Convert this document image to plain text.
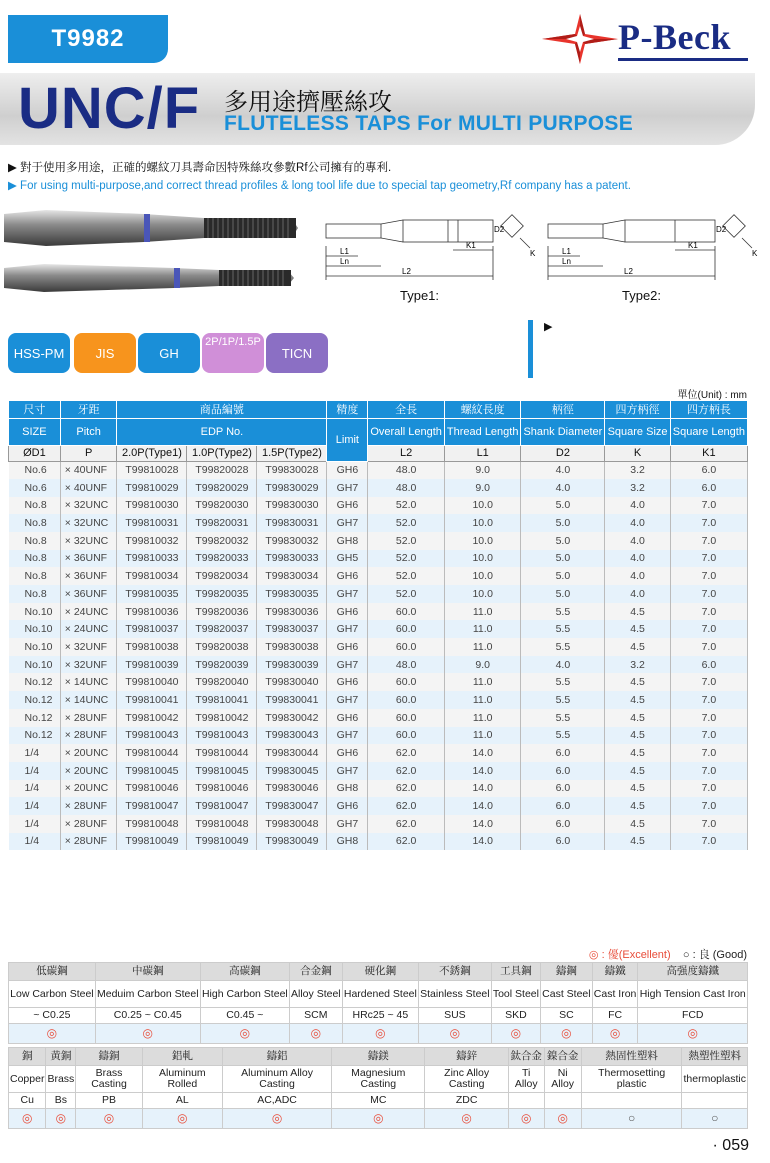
T9982	P-Beck
UNC/F 多用途擠壓絲攻
FLUTELESS TAPS For MULTI PURPOSE
▶ 對于使用多用途，正確的螺紋刀具壽命因特殊絲攻參數Rf公司擁有的專利.
▶ For using multi-purpose,and correct thread profiles & long tool life due to special tap geometry,Rf company has a patent.
L1
Ln
L2
K1
D2
K
Type1:
L1
Ln
L2
K1
D2
K
Type2:
HSS-PM	JIS	GH
2P/1P/1.5P
TICN
▶
單位(Unit) : mm
尺寸	牙距	商品編號			精度	全長	螺紋長度	柄徑	四方柄徑	四方柄長
SIZE	Pitch	EDP No.			Limit	Overall Length	Thread Length	Shank Diameter	Square Size	Square Length
ØD1	P	2.0P(Type1)	1.0P(Type2)	1.5P(Type2)		L2	L1	D2	K	K1
No.6	× 40UNF	T99810028	T99820028	T99830028	GH6	48.0	9.0	4.0	3.2	6.0
No.6	× 40UNF	T99810029	T99820029	T99830029	GH7	48.0	9.0	4.0	3.2	6.0
No.8	× 32UNC	T99810030	T99820030	T99830030	GH6	52.0	10.0	5.0	4.0	7.0
No.8	× 32UNC	T99810031	T99820031	T99830031	GH7	52.0	10.0	5.0	4.0	7.0
No.8	× 32UNC	T99810032	T99820032	T99830032	GH8	52.0	10.0	5.0	4.0	7.0
No.8	× 36UNF	T99810033	T99820033	T99830033	GH5	52.0	10.0	5.0	4.0	7.0
No.8	× 36UNF	T99810034	T99820034	T99830034	GH6	52.0	10.0	5.0	4.0	7.0
No.8	× 36UNF	T99810035	T99820035	T99830035	GH7	52.0	10.0	5.0	4.0	7.0
No.10	× 24UNC	T99810036	T99820036	T99830036	GH6	60.0	11.0	5.5	4.5	7.0
No.10	× 24UNC	T99810037	T99820037	T99830037	GH7	60.0	11.0	5.5	4.5	7.0
No.10	× 32UNF	T99810038	T99820038	T99830038	GH6	60.0	11.0	5.5	4.5	7.0
No.10	× 32UNF	T99810039	T99820039	T99830039	GH7	48.0	9.0	4.0	3.2	6.0
No.12	× 14UNC	T99810040	T99820040	T99830040	GH6	60.0	11.0	5.5	4.5	7.0
No.12	× 14UNC	T99810041	T99810041	T99830041	GH7	60.0	11.0	5.5	4.5	7.0
No.12	× 28UNF	T99810042	T99810042	T99830042	GH6	60.0	11.0	5.5	4.5	7.0
No.12	× 28UNF	T99810043	T99810043	T99830043	GH7	60.0	11.0	5.5	4.5	7.0
1/4	× 20UNC	T99810044	T99810044	T99830044	GH6	62.0	14.0	6.0	4.5	7.0
1/4	× 20UNC	T99810045	T99810045	T99830045	GH7	62.0	14.0	6.0	4.5	7.0
1/4	× 20UNC	T99810046	T99810046	T99830046	GH8	62.0	14.0	6.0	4.5	7.0
1/4	× 28UNF	T99810047	T99810047	T99830047	GH6	62.0	14.0	6.0	4.5	7.0
1/4	× 28UNF	T99810048	T99810048	T99830048	GH7	62.0	14.0	6.0	4.5	7.0
1/4	× 28UNF	T99810049	T99810049	T99830049	GH8	62.0	14.0	6.0	4.5	7.0
◎ : 優(Excellent) ○ : 良 (Good)
低碳鋼	中碳鋼	高碳鋼	合金鋼	硬化鋼	不銹鋼	工具鋼	鑄鋼	鑄鐵	高强度鑄鐵
Low Carbon Steel	Meduim Carbon Steel	High Carbon Steel	Alloy Steel	Hardened Steel	Stainless Steel	Tool Steel	Cast Steel	Cast Iron	High Tension Cast Iron
~ C0.25	C0.25 ~ C0.45	C0.45 ~	SCM	HRc25 ~ 45	SUS	SKD	SC	FC	FCD
◎	◎	◎	◎	◎	◎	◎	◎	◎	◎
銅	黄銅	鑄銅	鋁軋	鑄鋁	鑄鎂	鑄鋅	鈦合金	鎳合金	熱固性塑料	熱塑性塑料
Copper	Brass	Brass Casting	Aluminum Rolled	Aluminum Alloy Casting	Magnesium Casting	Zinc Alloy Casting	Ti Alloy	Ni Alloy	Thermosetting plastic	thermoplastic
Cu	Bs	PB	AL	AC,ADC	MC	ZDC				
◎	◎	◎	◎	◎	◎	◎	◎	◎	○	○
· 059
